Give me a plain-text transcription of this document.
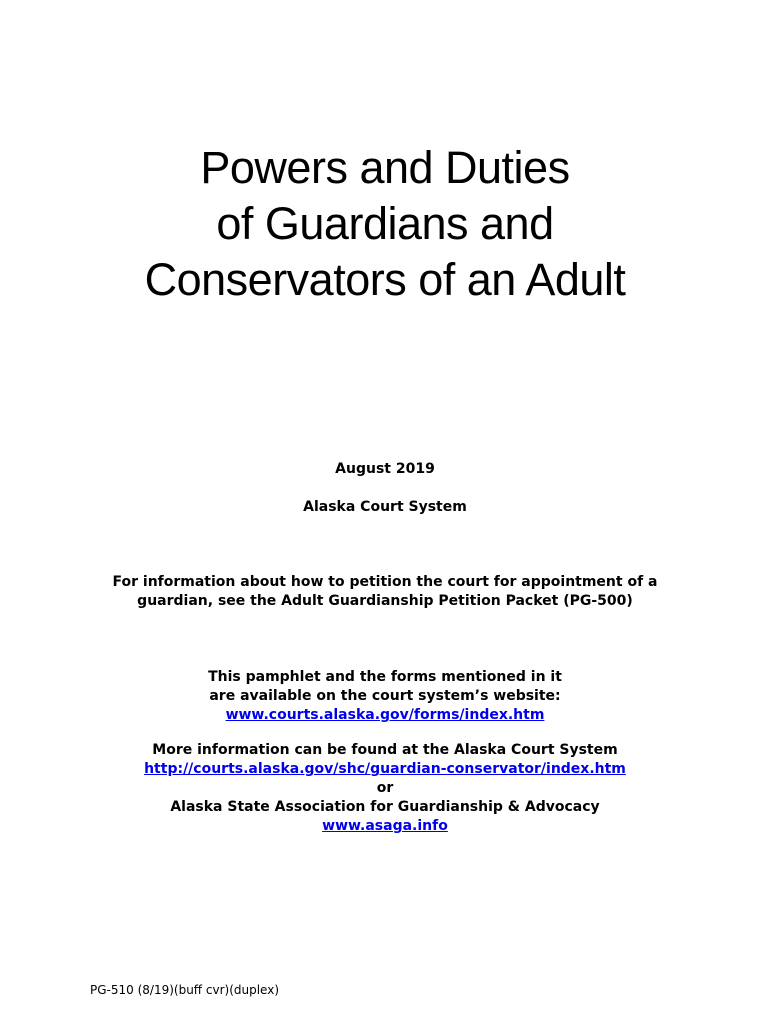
Powers and Duties
of Guardians and
Conservators of an Adult
August 2019
Alaska Court System
For information about how to petition the court for appointment of a
guardian, see the Adult Guardianship Petition Packet (PG-500)
This pamphlet and the forms mentioned in it
are available on the court system’s website:
www.courts.alaska.gov/forms/index.htm
More information can be found at the Alaska Court System
http://courts.alaska.gov/shc/guardian-conservator/index.htm
or
Alaska State Association for Guardianship & Advocacy
www.asaga.info
PG-510 (8/19)(buff cvr)(duplex)
